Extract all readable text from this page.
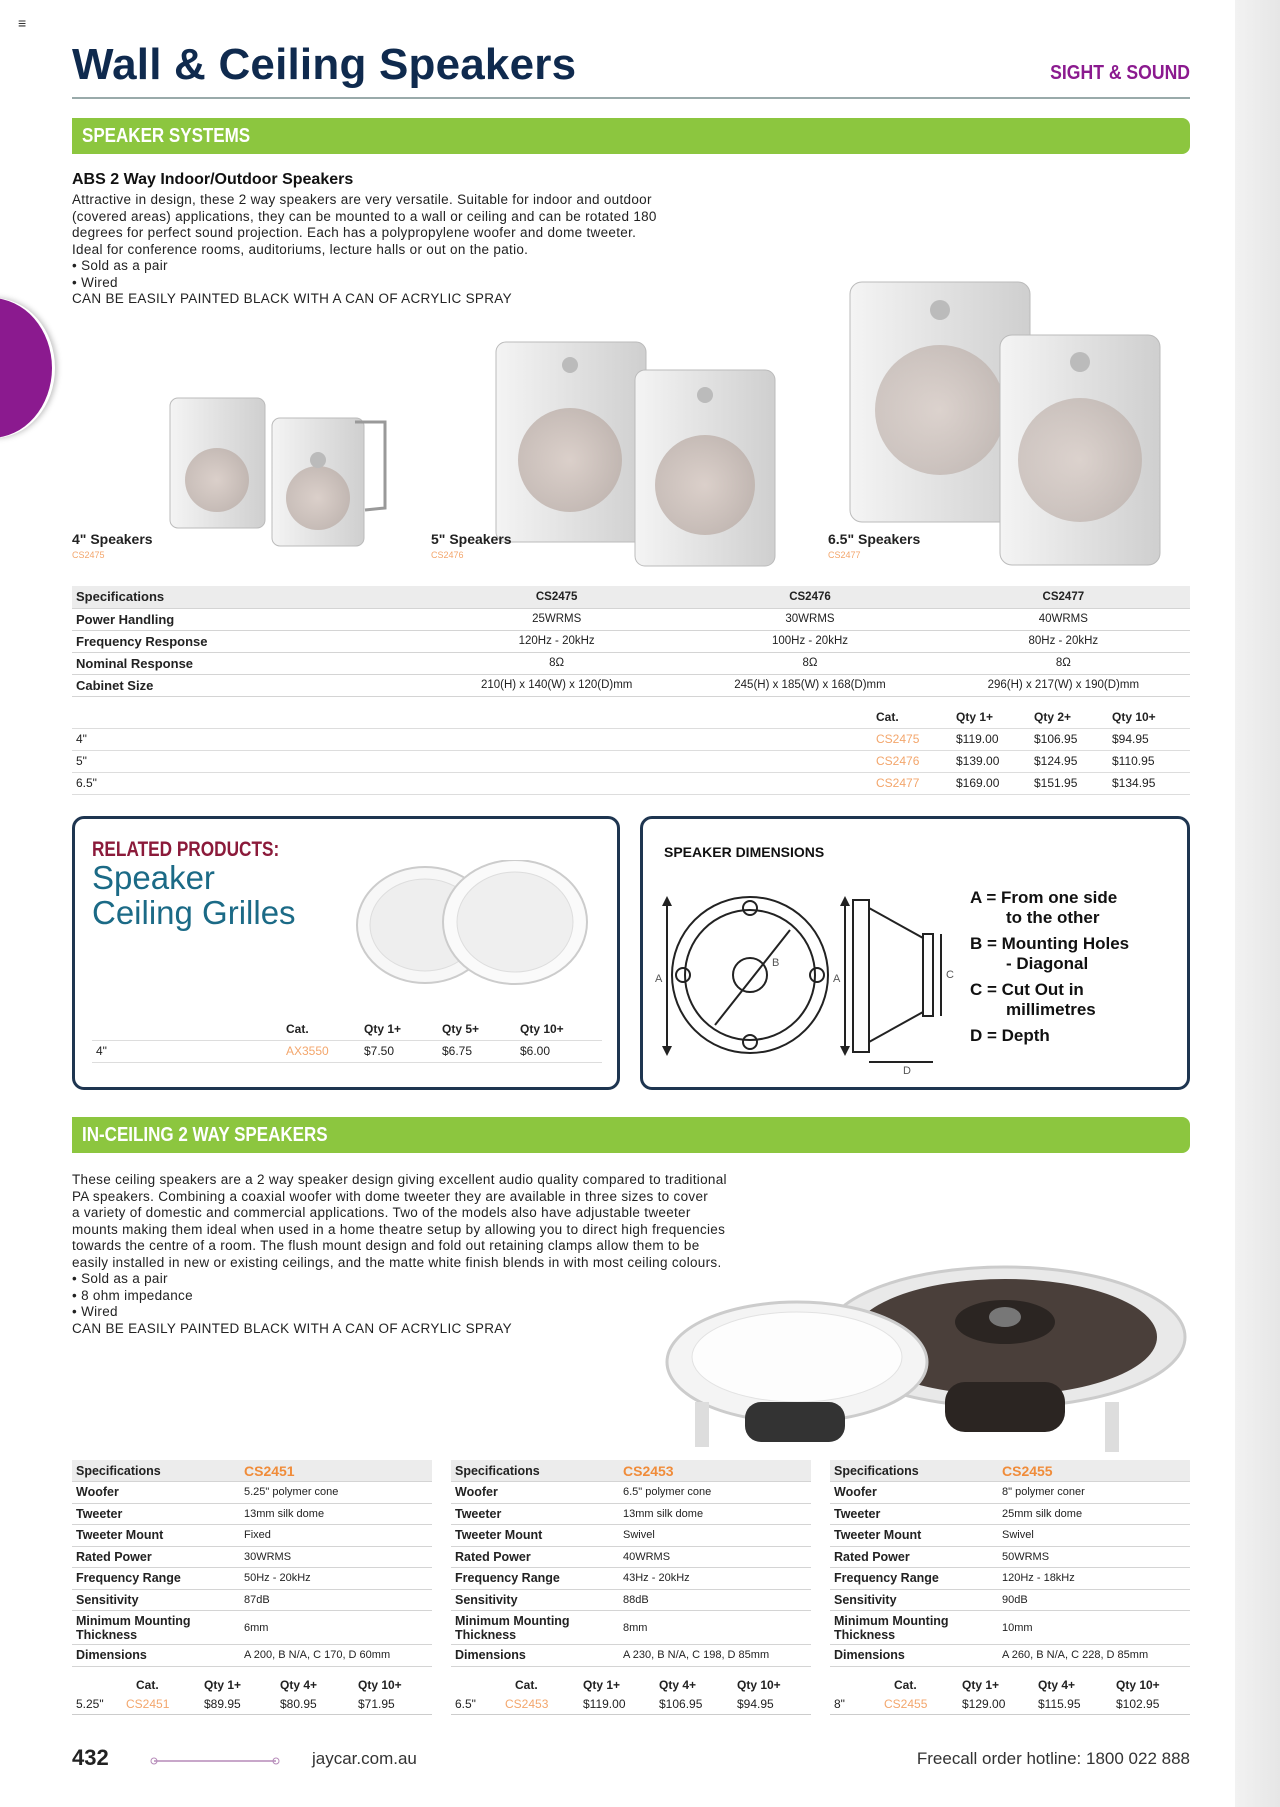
≡
Wall & Ceiling Speakers	SIGHT & SOUND
SPEAKER SYSTEMS
ABS 2 Way Indoor/Outdoor Speakers
Attractive in design, these 2 way speakers are very versatile. Suitable for indoor and outdoor
(covered areas) applications, they can be mounted to a wall or ceiling and can be rotated 180
degrees for perfect sound projection. Each has a polypropylene woofer and dome tweeter.
Ideal for conference rooms, auditoriums, lecture halls or out on the patio.
• Sold as a pair
• Wired
CAN BE EASILY PAINTED BLACK WITH A CAN OF ACRYLIC SPRAY
4" Speakers
CS2475
5" Speakers
CS2476
6.5" Speakers
CS2477
Specifications	CS2475	CS2476	CS2477
Power Handling	25WRMS	30WRMS	40WRMS
Frequency Response	120Hz - 20kHz	100Hz - 20kHz	80Hz - 20kHz
Nominal Response	8Ω	8Ω	8Ω
Cabinet Size	210(H) x 140(W) x 120(D)mm	245(H) x 185(W) x 168(D)mm	296(H) x 217(W) x 190(D)mm
	Cat.	Qty 1+	Qty 2+	Qty 10+
4"	CS2475	$119.00	$106.95	$94.95
5"	CS2476	$139.00	$124.95	$110.95
6.5"	CS2477	$169.00	$151.95	$134.95
RELATED PRODUCTS:
Speaker
Ceiling Grilles
	Cat.	Qty 1+	Qty 5+	Qty 10+
4"	AX3550	$7.50	$6.75	$6.00
SPEAKER DIMENSIONS
A
B
A	C
D
A = From one side
to the other
B = Mounting Holes
- Diagonal
C = Cut Out in
millimetres
D = Depth
IN-CEILING 2 WAY SPEAKERS
These ceiling speakers are a 2 way speaker design giving excellent audio quality compared to traditional
PA speakers. Combining a coaxial woofer with dome tweeter they are available in three sizes to cover
a variety of domestic and commercial applications. Two of the models also have adjustable tweeter
mounts making them ideal when used in a home theatre setup by allowing you to direct high frequencies
towards the centre of a room. The flush mount design and fold out retaining clamps allow them to be
easily installed in new or existing ceilings, and the matte white finish blends in with most ceiling colours.
• Sold as a pair
• 8 ohm impedance
• Wired
CAN BE EASILY PAINTED BLACK WITH A CAN OF ACRYLIC SPRAY
Specifications	CS2451
Woofer	5.25" polymer cone
Tweeter	13mm silk dome
Tweeter Mount	Fixed
Rated Power	30WRMS
Frequency Range	50Hz - 20kHz
Sensitivity	87dB
Minimum Mounting Thickness	6mm
Dimensions	A 200, B N/A, C 170, D 60mm
	Cat.	Qty 1+	Qty 4+	Qty 10+
5.25"	CS2451	$89.95	$80.95	$71.95
Specifications	CS2453
Woofer	6.5" polymer cone
Tweeter	13mm silk dome
Tweeter Mount	Swivel
Rated Power	40WRMS
Frequency Range	43Hz - 20kHz
Sensitivity	88dB
Minimum Mounting Thickness	8mm
Dimensions	A 230, B N/A, C 198, D 85mm
	Cat.	Qty 1+	Qty 4+	Qty 10+
6.5"	CS2453	$119.00	$106.95	$94.95
Specifications	CS2455
Woofer	8" polymer coner
Tweeter	25mm silk dome
Tweeter Mount	Swivel
Rated Power	50WRMS
Frequency Range	120Hz - 18kHz
Sensitivity	90dB
Minimum Mounting Thickness	10mm
Dimensions	A 260, B N/A, C 228, D 85mm
	Cat.	Qty 1+	Qty 4+	Qty 10+
8"	CS2455	$129.00	$115.95	$102.95
432	jaycar.com.au	Freecall order hotline: 1800 022 888
